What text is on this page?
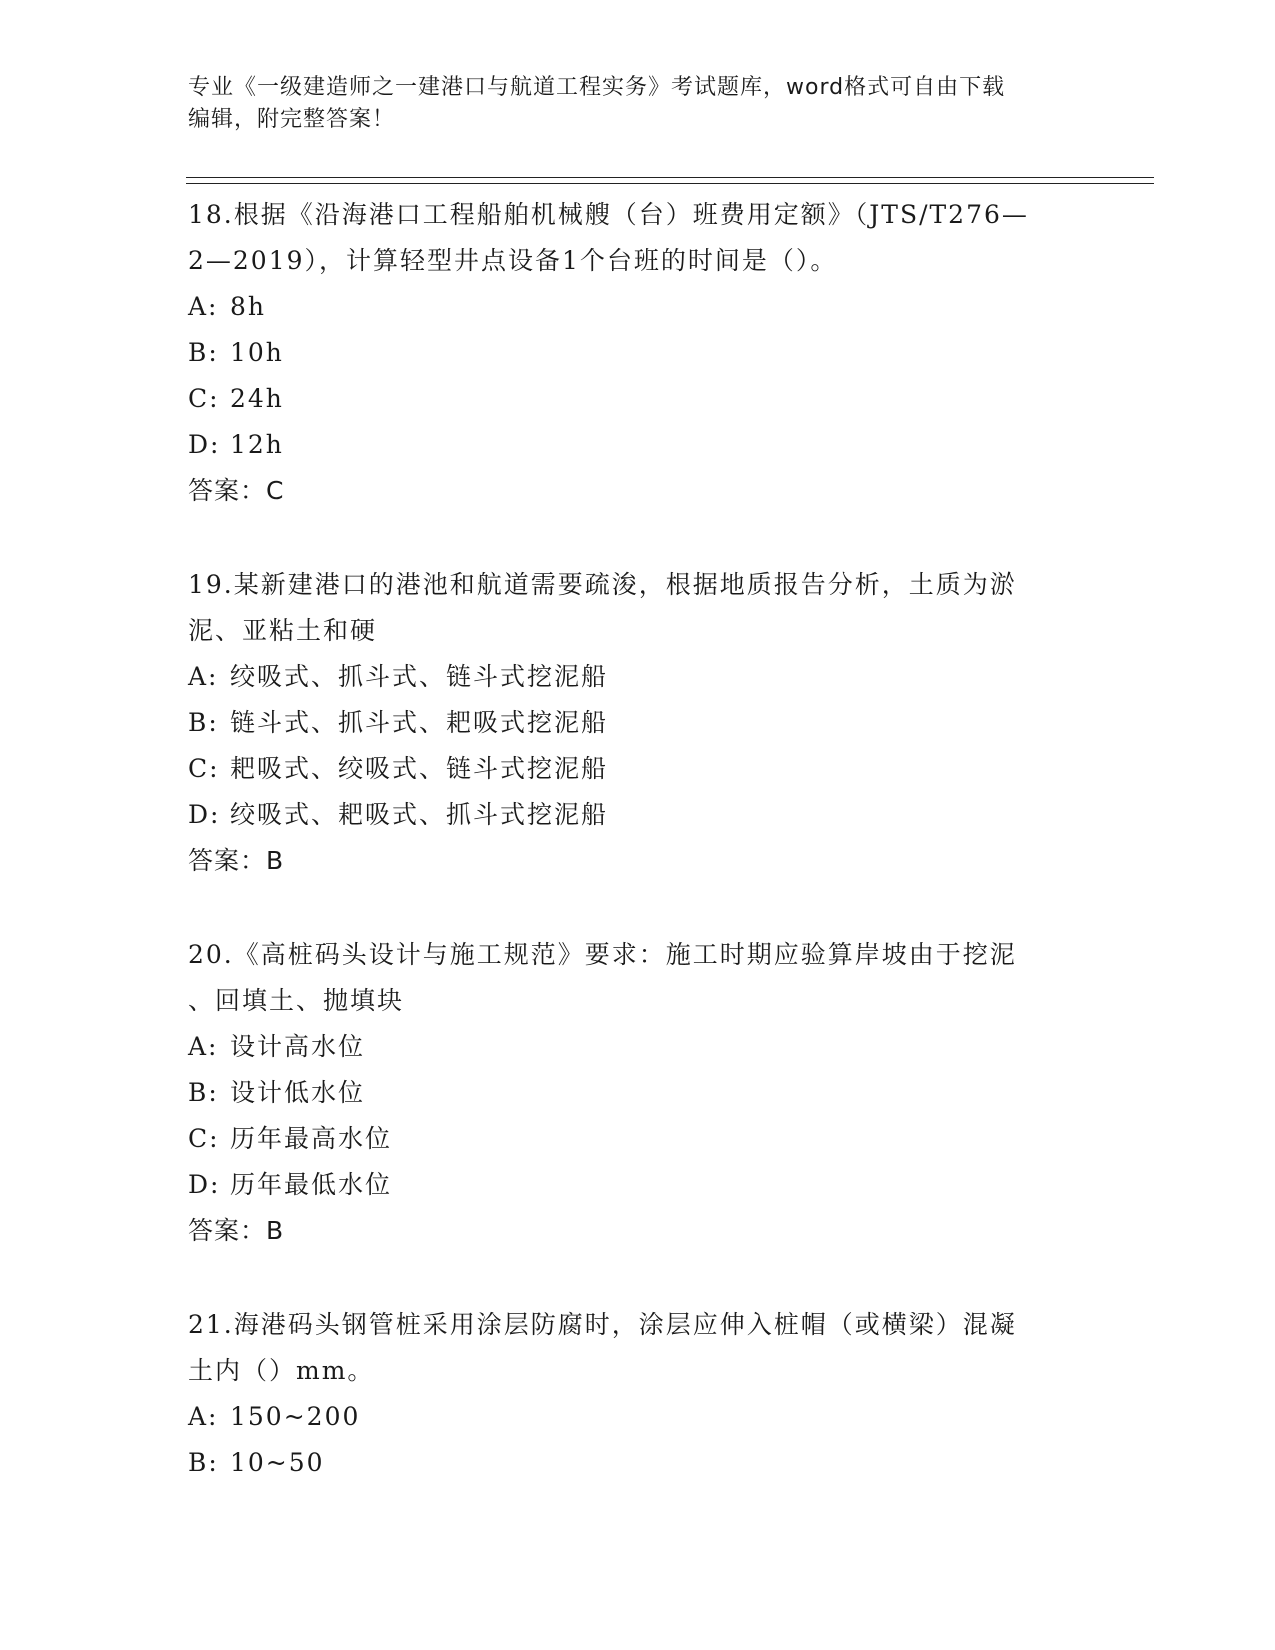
专业《一级建造师之一建港口与航道工程实务》考试题库，word格式可自由下载
编辑，附完整答案！
18.根据《沿海港口工程船舶机械艘（台）班费用定额》（JTS/T276—
2—2019），计算轻型井点设备1个台班的时间是（）。
A: 8h
B: 10h
C: 24h
D: 12h
答案：C
19.某新建港口的港池和航道需要疏浚，根据地质报告分析，土质为淤
泥、亚粘土和硬
A: 绞吸式、抓斗式、链斗式挖泥船
B: 链斗式、抓斗式、耙吸式挖泥船
C: 耙吸式、绞吸式、链斗式挖泥船
D: 绞吸式、耙吸式、抓斗式挖泥船
答案：B
20.《高桩码头设计与施工规范》要求：施工时期应验算岸坡由于挖泥
、回填土、抛填块
A: 设计高水位
B: 设计低水位
C: 历年最高水位
D: 历年最低水位
答案：B
21.海港码头钢管桩采用涂层防腐时，涂层应伸入桩帽（或横梁）混凝
土内（）mm。
A: 150~200
B: 10~50
